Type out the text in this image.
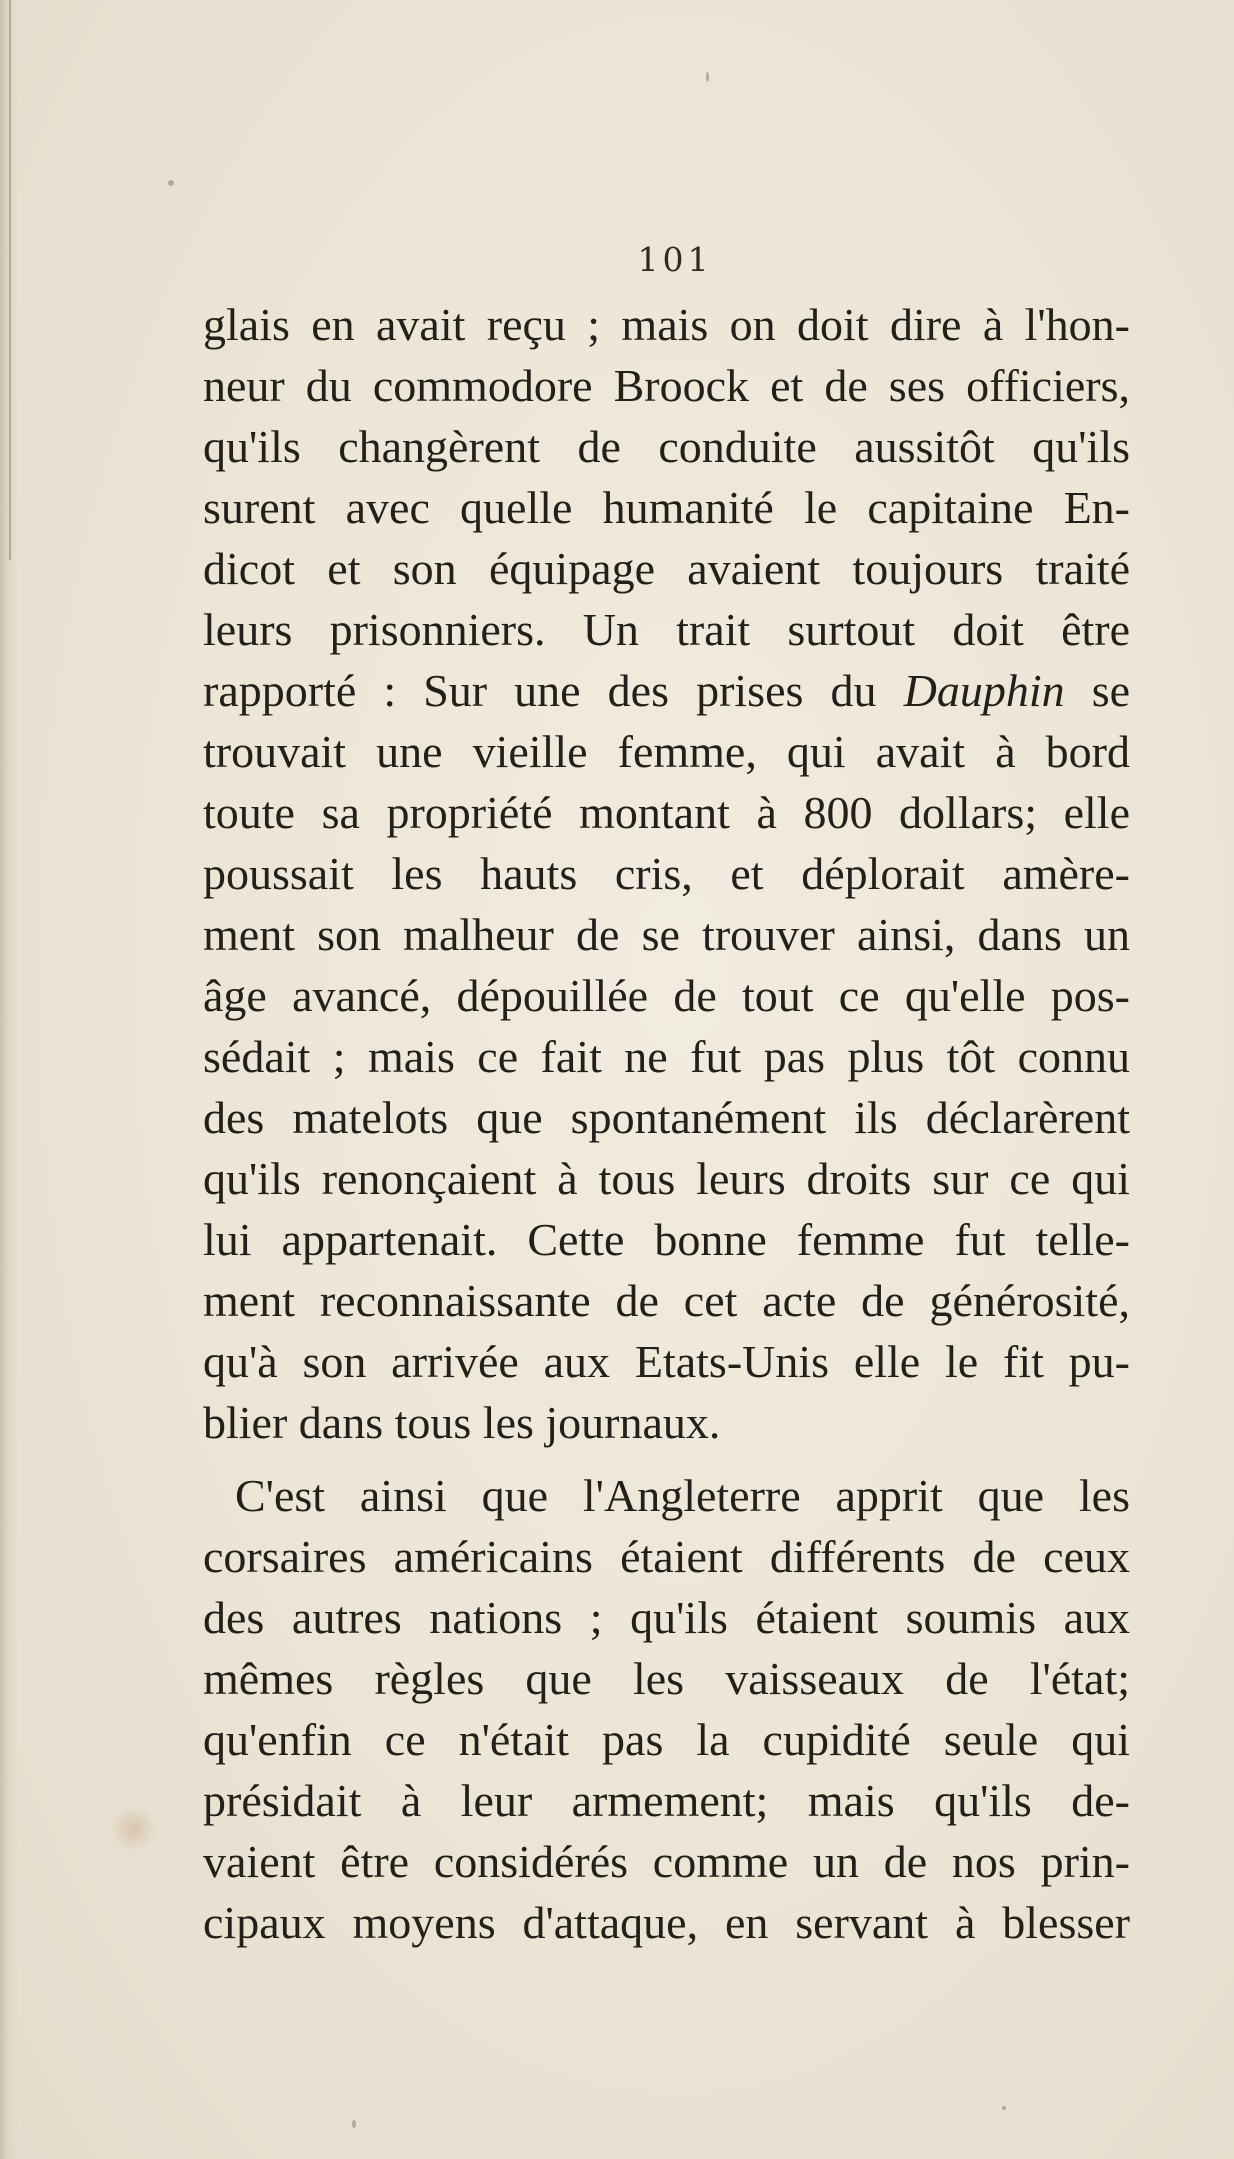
101
glais en avait reçu ; mais on doit dire à l'hon-
neur du commodore Broock et de ses officiers,
qu'ils changèrent de conduite aussitôt qu'ils
surent avec quelle humanité le capitaine En-
dicot et son équipage avaient toujours traité
leurs prisonniers. Un trait surtout doit être
rapporté : Sur une des prises du Dauphin se
trouvait une vieille femme, qui avait à bord
toute sa propriété montant à 800 dollars; elle
poussait les hauts cris, et déplorait amère-
ment son malheur de se trouver ainsi, dans un
âge avancé, dépouillée de tout ce qu'elle pos-
sédait ; mais ce fait ne fut pas plus tôt connu
des matelots que spontanément ils déclarèrent
qu'ils renonçaient à tous leurs droits sur ce qui
lui appartenait. Cette bonne femme fut telle-
ment reconnaissante de cet acte de générosité,
qu'à son arrivée aux Etats-Unis elle le fit pu-
blier dans tous les journaux.
C'est ainsi que l'Angleterre apprit que les
corsaires américains étaient différents de ceux
des autres nations ; qu'ils étaient soumis aux
mêmes règles que les vaisseaux de l'état;
qu'enfin ce n'était pas la cupidité seule qui
présidait à leur armement; mais qu'ils de-
vaient être considérés comme un de nos prin-
cipaux moyens d'attaque, en servant à blesser
